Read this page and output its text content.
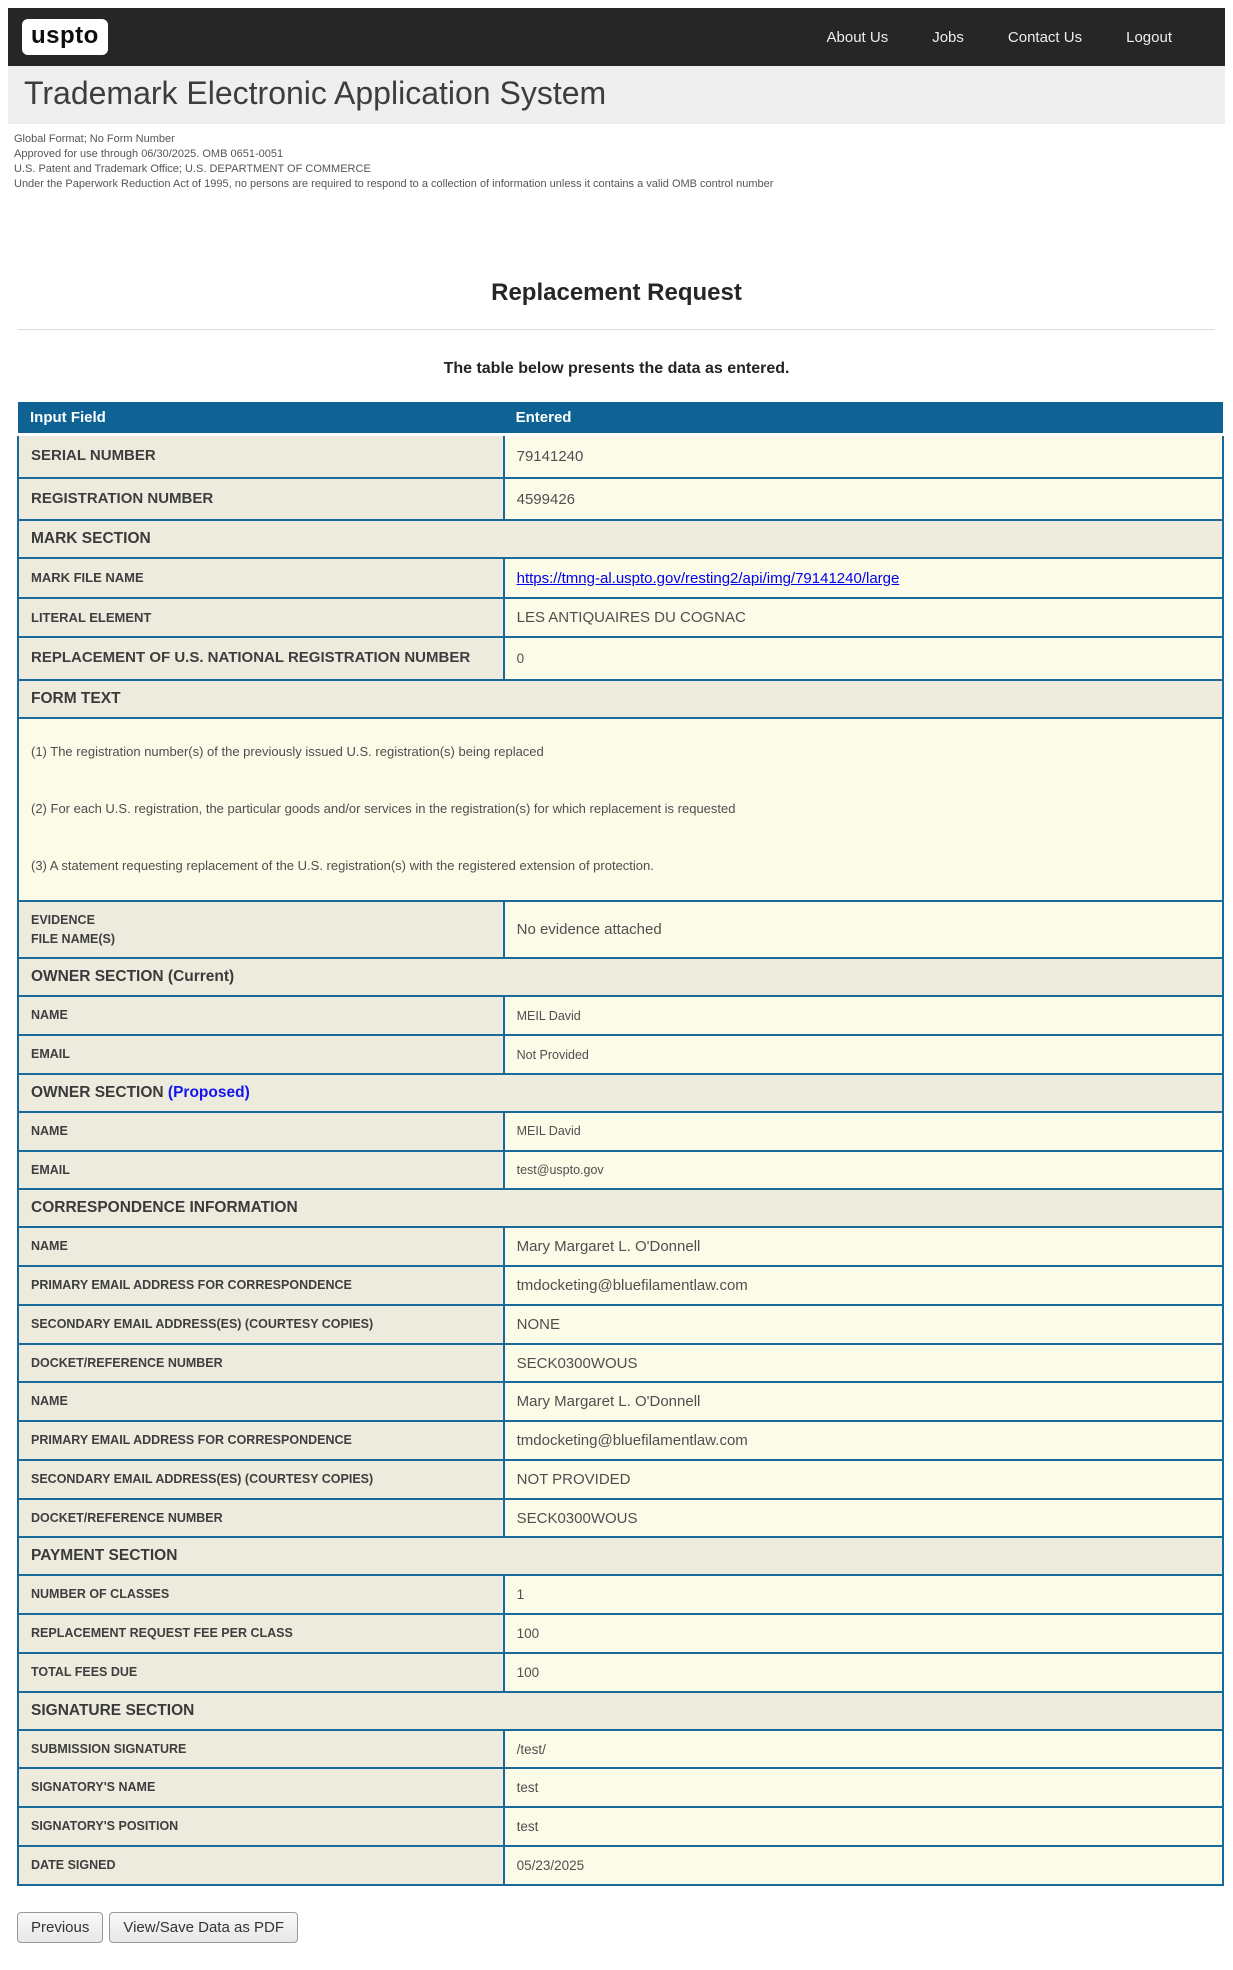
uspto	About Us	Jobs	Contact Us	Logout
Trademark Electronic Application System
Global Format; No Form Number
Approved for use through 06/30/2025. OMB 0651-0051
U.S. Patent and Trademark Office; U.S. DEPARTMENT OF COMMERCE
Under the Paperwork Reduction Act of 1995, no persons are required to respond to a collection of information unless it contains a valid OMB control number
Replacement Request

The table below presents the data as entered.

Input Field	Entered
SERIAL NUMBER	79141240
REGISTRATION NUMBER	4599426
MARK SECTION	
MARK FILE NAME	https://tmng-al.uspto.gov/resting2/api/img/79141240/large
LITERAL ELEMENT	LES ANTIQUAIRES DU COGNAC
REPLACEMENT OF U.S. NATIONAL REGISTRATION NUMBER	0
FORM TEXT	

(1) The registration number(s) of the previously issued U.S. registration(s) being replaced

(2) For each U.S. registration, the particular goods and/or services in the registration(s) for which replacement is requested

(3) A statement requesting replacement of the U.S. registration(s) with the registered extension of protection.	

EVIDENCE
FILE NAME(S)	No evidence attached
OWNER SECTION (Current)	
NAME	MEIL David
EMAIL	Not Provided
OWNER SECTION (Proposed)	
NAME	MEIL David
EMAIL	test@uspto.gov
CORRESPONDENCE INFORMATION	
NAME	Mary Margaret L. O'Donnell
PRIMARY EMAIL ADDRESS FOR CORRESPONDENCE	tmdocketing@bluefilamentlaw.com
SECONDARY EMAIL ADDRESS(ES) (COURTESY COPIES)	NONE
DOCKET/REFERENCE NUMBER	SECK0300WOUS
NAME	Mary Margaret L. O'Donnell
PRIMARY EMAIL ADDRESS FOR CORRESPONDENCE	tmdocketing@bluefilamentlaw.com
SECONDARY EMAIL ADDRESS(ES) (COURTESY COPIES)	NOT PROVIDED
DOCKET/REFERENCE NUMBER	SECK0300WOUS
PAYMENT SECTION	
NUMBER OF CLASSES	1
REPLACEMENT REQUEST FEE PER CLASS	100
TOTAL FEES DUE	100
SIGNATURE SECTION	
SUBMISSION SIGNATURE	/test/
SIGNATORY'S NAME	test
SIGNATORY'S POSITION	test
DATE SIGNED	05/23/2025
Previous	View/Save Data as PDF
